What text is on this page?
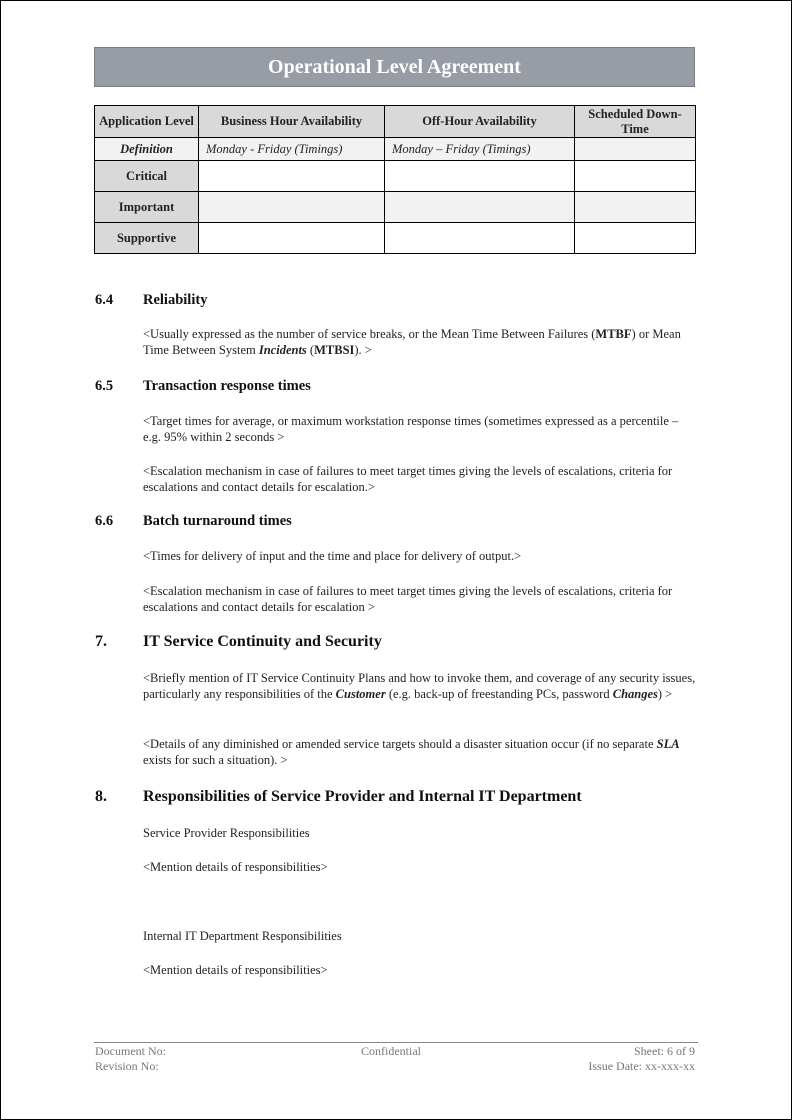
Operational Level Agreement
Application Level	Business Hour Availability	Off-Hour Availability	Scheduled Down-Time
Definition	Monday - Friday (Timings)	Monday – Friday (Timings)	
Critical			
Important			
Supportive			
6.4 Reliability
<Usually expressed as the number of service breaks, or the Mean Time Between Failures (MTBF) or Mean Time Between System Incidents (MTBSI). >
6.5 Transaction response times
<Target times for average, or maximum workstation response times (sometimes expressed as a percentile – e.g. 95% within 2 seconds >
<Escalation mechanism in case of failures to meet target times giving the levels of escalations, criteria for escalations and contact details for escalation.>
6.6 Batch turnaround times
<Times for delivery of input and the time and place for delivery of output.>
<Escalation mechanism in case of failures to meet target times giving the levels of escalations, criteria for escalations and contact details for escalation >
7. IT Service Continuity and Security
<Briefly mention of IT Service Continuity Plans and how to invoke them, and coverage of any security issues, particularly any responsibilities of the Customer (e.g. back-up of freestanding PCs, password Changes) >
<Details of any diminished or amended service targets should a disaster situation occur (if no separate SLA exists for such a situation). >
8. Responsibilities of Service Provider and Internal IT Department
Service Provider Responsibilities
<Mention details of responsibilities>
Internal IT Department Responsibilities
<Mention details of responsibilities>
Document No:
Revision No:
Confidential	Sheet: 6 of 9
Issue Date: xx-xxx-xx
